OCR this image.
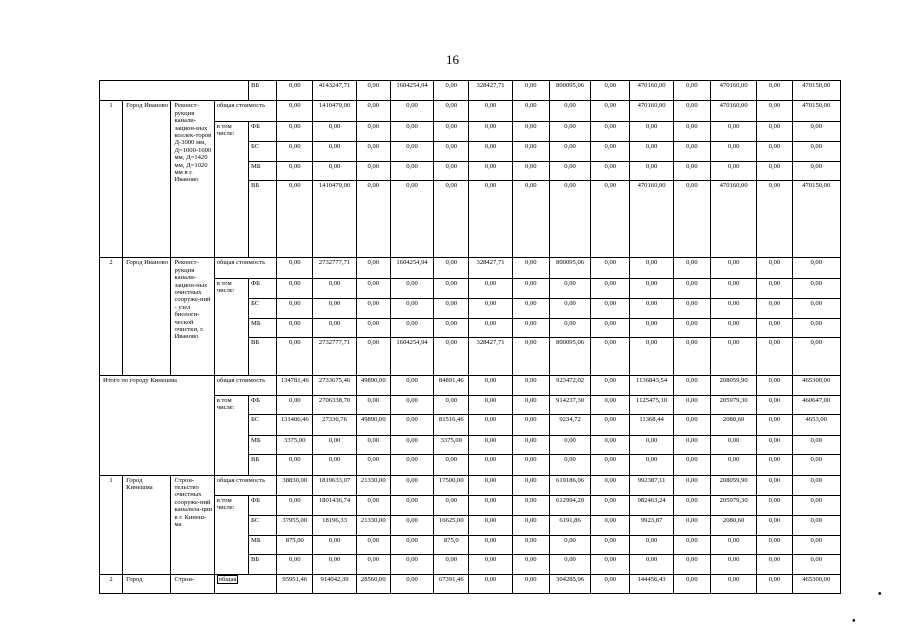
16
				ВБ	0,00	4143247,71	0,00	1604254,94	0,00	328427,71	0,00	800095,06	0,00	470160,00	0,00	470160,00	0,00	470150,00
1	Город Иваново	Реконст-рукция канали-зацион-ных коллек-торов Д-3000 мм, Д=1000-1600 мм, Д=1420 мм, Д=1020 мм в г. Иваново	общая стоимость		0,00	1410470,00	0,00	0,00	0,00	0,00	0,00	0,00	0,00	470160,00	0,00	470160,00	0,00	470150,00
			в том числе:	ФБ	0,00	0,00	0,00	0,00	0,00	0,00	0,00	0,00	0,00	0,00	0,00	0,00	0,00	0,00
				БС	0,00	0,00	0,00	0,00	0,00	0,00	0,00	0,00	0,00	0,00	0,00	0,00	0,00	0,00
				МБ	0,00	0,00	0,00	0,00	0,00	0,00	0,00	0,00	0,00	0,00	0,00	0,00	0,00	0,00
				ВБ	0,00	1410470,00	0,00	0,00	0,00	0,00	0,00	0,00	0,00	470160,00	0,00	470160,00	0,00	470150,00
2	Город Иваново	Реконст-рукция канали-зацион-ных очистных сооруже-ний - узел биологи-ческой очистки, г. Иваново	общая стоимость		0,00	2732777,71	0,00	1604254,94	0,00	328427,71	0,00	800095,06	0,00	0,00	0,00	0,00	0,00	0,00
			в том числе:	ФБ	0,00	0,00	0,00	0,00	0,00	0,00	0,00	0,00	0,00	0,00	0,00	0,00	0,00	0,00
				БС	0,00	0,00	0,00	0,00	0,00	0,00	0,00	0,00	0,00	0,00	0,00	0,00	0,00	0,00
				МБ	0,00	0,00	0,00	0,00	0,00	0,00	0,00	0,00	0,00	0,00	0,00	0,00	0,00	0,00
				ВБ	0,00	2732777,71	0,00	1604254,94	0,00	328427,71	0,00	800095,06	0,00	0,00	0,00	0,00	0,00	0,00
Итого по городу Кинешма			общая стоимость		134781,46	2733675,46	49890,00	0,00	84891,46	0,00	0,00	923472,02	0,00	1136843,54	0,00	208059,90	0,00	465300,00
			в том числе:	ФБ	0,00	2706338,70	0,00	0,00	0,00	0,00	0,00	914237,30	0,00	1125475,10	0,00	205979,30	0,00	460647,00
				БС	131406,46	27336,76	49890,00	0,00	81516,46	0,00	0,00	9234,72	0,00	11368,44	0,00	2080,60	0,00	4653,00
				МБ	3375,00	0,00	0,00	0,00	3375,00	0,00	0,00	0,00	0,00	0,00	0,00	0,00	0,00	0,00
				ВБ	0,00	0,00	0,00	0,00	0,00	0,00	0,00	0,00	0,00	0,00	0,00	0,00	0,00	0,00
1	Город Кинешма	Строи-тельство очистных сооруже-ний канализа-ции в г. Кинеш-ма	общая стоимость		38830,00	1819633,07	21330,00	0,00	17500,00	0,00	0,00	619186,06	0,00	992387,11	0,00	208059,90	0,00	0,00
			в том числе:	ФБ	0,00	1801436,74	0,00	0,00	0,00	0,00	0,00	612994,20	0,00	982463,24	0,00	205979,30	0,00	0,00
				БС	37955,00	18196,33	21330,00	0,00	16625,00	0,00	0,00	6191,86	0,00	9923,87	0,00	2080,60	0,00	0,00
				МБ	875,00	0,00	0,00	0,00	875,0	0,00	0,00	0,00	0,00	0,00	0,00	0,00	0,00	0,00
				ВБ	0,00	0,00	0,00	0,00	0,00	0,00	0,00	0,00	0,00	0,00	0,00	0,00	0,00	0,00
2	Город	Строи-	общая		95951,46	914042,39	28560,00	0,00	67391,46	0,00	0,00	304285,96	0,00	144456,43	0,00	0,00	0,00	465300,00
•
•
